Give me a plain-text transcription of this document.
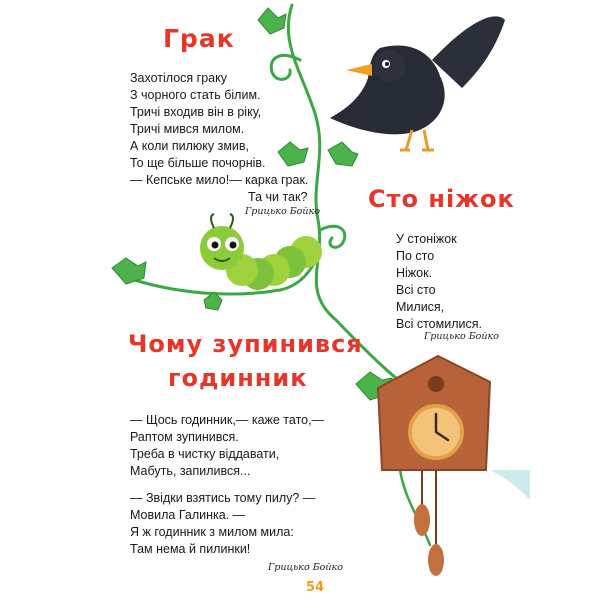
Грак
Захотілося граку
З чорного стать білим.
Тричі входив він в ріку,
Тричі мився милом.
А коли пилюку змив,
То ще більше почорнів.
— Кепське мило!— карка грак.
Та чи так?
Грицько Бойко Сто ніжок
У стоніжок
По сто
Ніжок.
Всі сто
Милися,
Всі стомилися.
Грицько Бойко
Чому зупинився
годинник
— Щось годинник,— каже тато,—
Раптом зупинився.
Треба в чистку віддавати,
Мабуть, запилився...
— Звідки взятись тому пилу? —
Мовила Галинка. —
Я ж годинник з милом мила:
Там нема й пилинки!
Грицько Бойко
54
